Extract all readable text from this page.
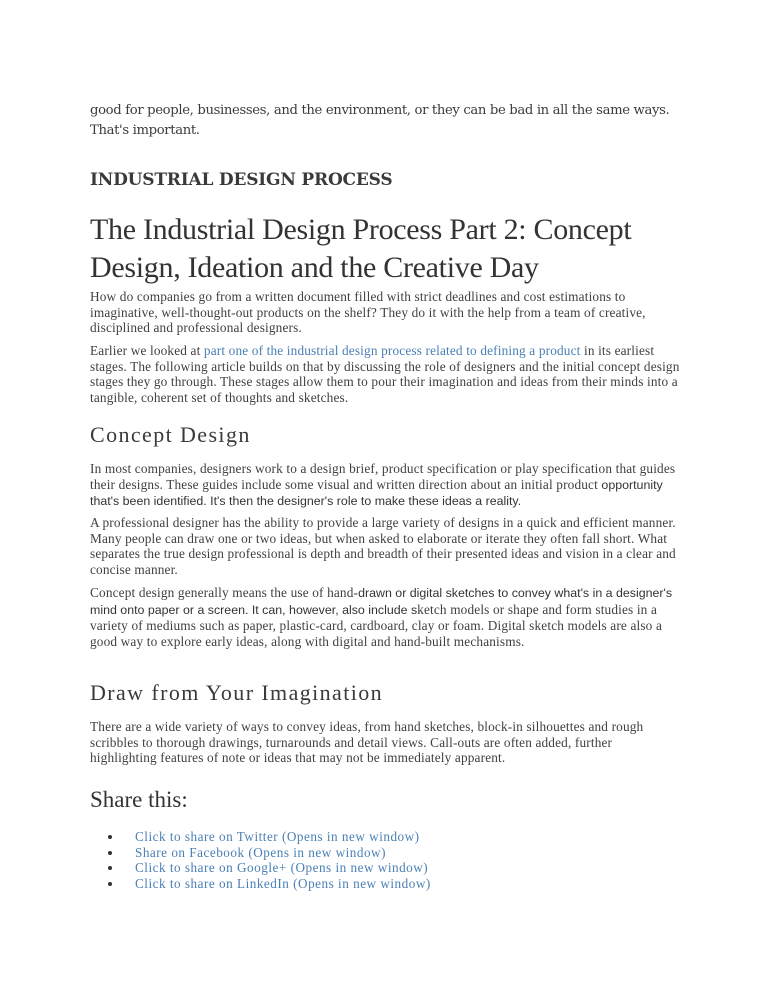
good for people, businesses, and the environment, or they can be bad in all the same ways. That's important.

INDUSTRIAL DESIGN PROCESS
The Industrial Design Process Part 2: Concept Design, Ideation and the Creative Day

How do companies go from a written document filled with strict deadlines and cost estimations to imaginative, well-thought-out products on the shelf? They do it with the help from a team of creative, disciplined and professional designers.

Earlier we looked at part one of the industrial design process related to defining a product in its earliest stages. The following article builds on that by discussing the role of designers and the initial concept design stages they go through. These stages allow them to pour their imagination and ideas from their minds into a tangible, coherent set of thoughts and sketches.

Concept Design

In most companies, designers work to a design brief, product specification or play specification that guides their designs. These guides include some visual and written direction about an initial product opportunity that's been identified. It's then the designer's role to make these ideas a reality.

A professional designer has the ability to provide a large variety of designs in a quick and efficient manner. Many people can draw one or two ideas, but when asked to elaborate or iterate they often fall short. What separates the true design professional is depth and breadth of their presented ideas and vision in a clear and concise manner.

Concept design generally means the use of hand-drawn or digital sketches to convey what's in a designer's mind onto paper or a screen. It can, however, also include sketch models or shape and form studies in a variety of mediums such as paper, plastic-card, cardboard, clay or foam. Digital sketch models are also a good way to explore early ideas, along with digital and hand-built mechanisms.

Draw from Your Imagination

There are a wide variety of ways to convey ideas, from hand sketches, block-in silhouettes and rough scribbles to thorough drawings, turnarounds and detail views. Call-outs are often added, further highlighting features of note or ideas that may not be immediately apparent.

Share this:
Click to share on Twitter (Opens in new window)
Share on Facebook (Opens in new window)
Click to share on Google+ (Opens in new window)
Click to share on LinkedIn (Opens in new window)
